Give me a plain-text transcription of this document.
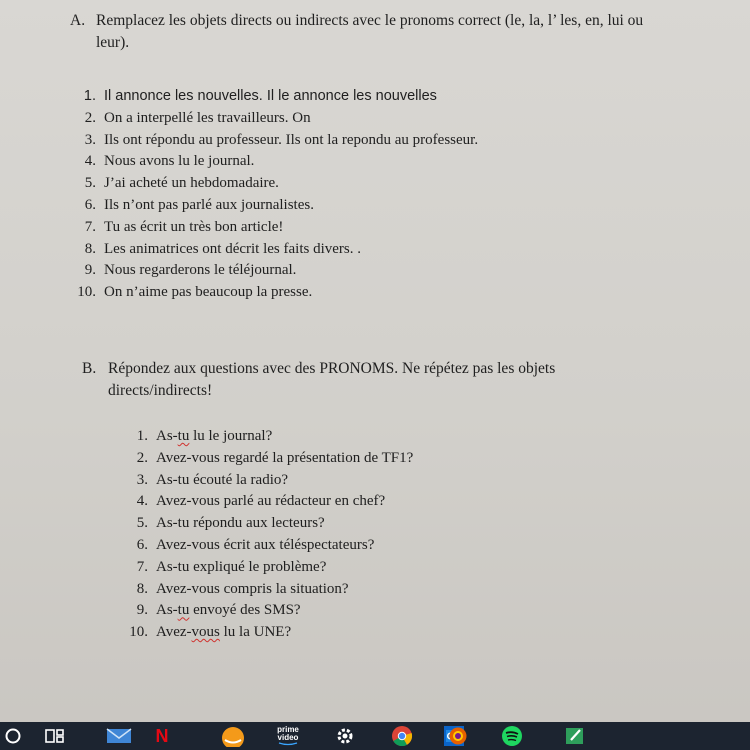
A. Remplacez les objets directs ou indirects avec le pronoms correct (le, la, l’ les, en, lui ou
leur).
1. Il annonce les nouvelles. Il le annonce les nouvelles
2. On a interpellé les travailleurs. On
3. Ils ont répondu au professeur. Ils ont la repondu au professeur.
4. Nous avons lu le journal.
5. J’ai acheté un hebdomadaire.
6. Ils n’ont pas parlé aux journalistes.
7. Tu as écrit un très bon article!
8. Les animatrices ont décrit les faits divers. .
9. Nous regarderons le téléjournal.
10. On n’aime pas beaucoup la presse.
B. Répondez aux questions avec des PRONOMS. Ne répétez pas les objets
directs/indirects!
1. As-tu lu le journal?
2. Avez-vous regardé la présentation de TF1?
3. As-tu écouté la radio?
4. Avez-vous parlé au rédacteur en chef?
5. As-tu répondu aux lecteurs?
6. Avez-vous écrit aux téléspectateurs?
7. As-tu expliqué le problème?
8. Avez-vous compris la situation?
9. As-tu envoyé des SMS?
10. Avez-vous lu la UNE?
N	prime
video
